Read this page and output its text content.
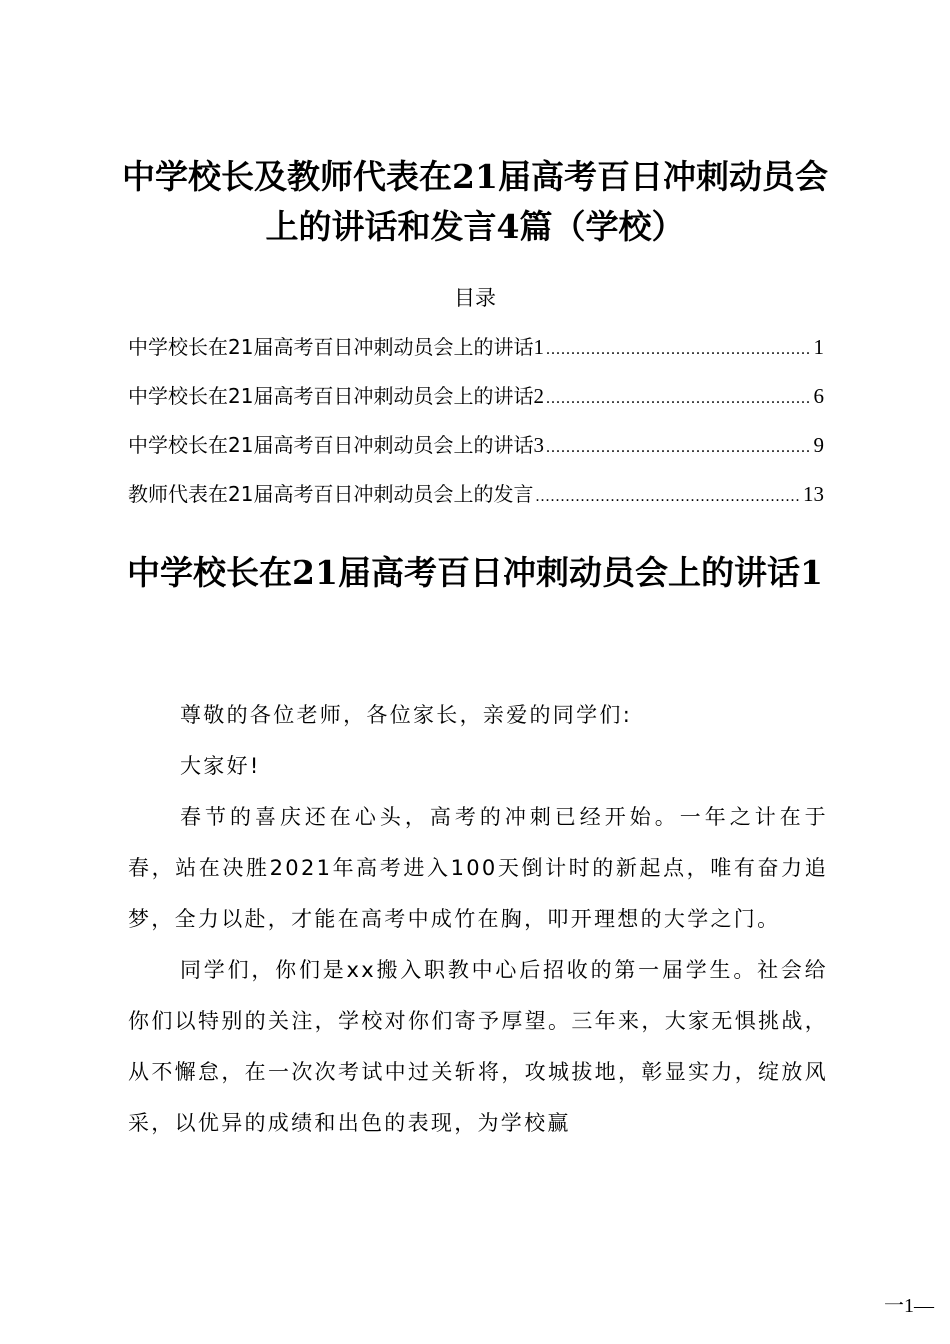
中学校长及教师代表在21届高考百日冲刺动员会上的讲话和发言4篇（学校）
目录
中学校长在21届高考百日冲刺动员会上的讲话 1 .....	1
中学校长在21届高考百日冲刺动员会上的讲话 2 .....	6
中学校长在21届高考百日冲刺动员会上的讲话 3 .....	9
教师代表在21届高考百日冲刺动员会上的发言 .....	13
中学校长在21届高考百日冲刺动员会上的讲话1

尊敬的各位老师，各位家长，亲爱的同学们:

大家好!

春节的喜庆还在心头，高考的冲刺已经开始。一年之计在于春，站在决胜2021年高考进入100天倒计时的新起点，唯有奋力追梦，全力以赴，才能在高考中成竹在胸，叩开理想的大学之门。

同学们，你们是xx搬入职教中心后招收的第一届学生。社会给你们以特别的关注，学校对你们寄予厚望。三年来，大家无惧挑战，从不懈怠，在一次次考试中过关斩将，攻城拔地，彰显实力，绽放风采，以优异的成绩和出色的表现，为学校赢

一1—
